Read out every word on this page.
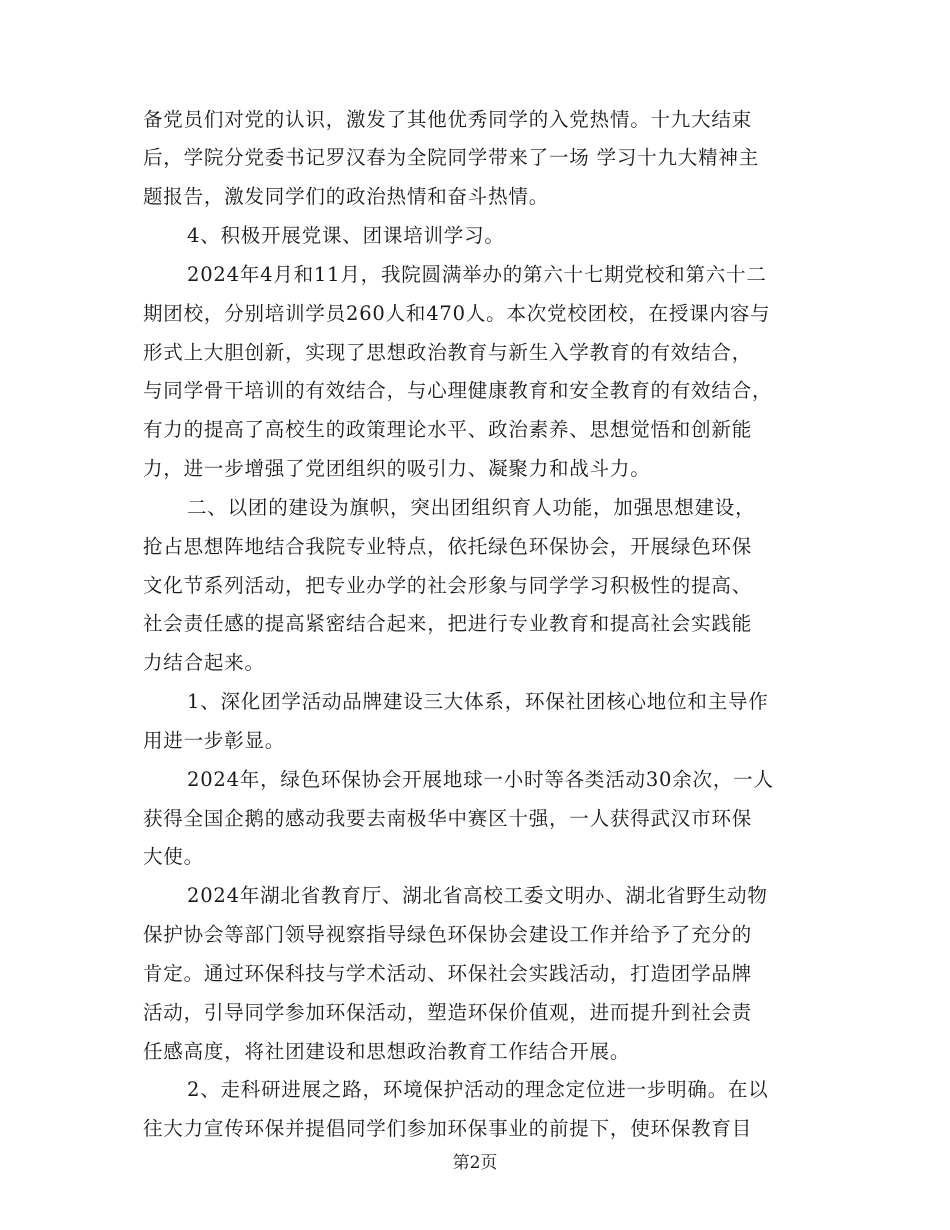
备党员们对党的认识，激发了其他优秀同学的入党热情。十九大结束
后，学院分党委书记罗汉春为全院同学带来了一场 学习十九大精神主
题报告，激发同学们的政治热情和奋斗热情。
4、积极开展党课、团课培训学习。
2024年4月和11月，我院圆满举办的第六十七期党校和第六十二
期团校，分别培训学员260人和470人。本次党校团校，在授课内容与
形式上大胆创新，实现了思想政治教育与新生入学教育的有效结合，
与同学骨干培训的有效结合，与心理健康教育和安全教育的有效结合，
有力的提高了高校生的政策理论水平、政治素养、思想觉悟和创新能
力，进一步增强了党团组织的吸引力、凝聚力和战斗力。
二、以团的建设为旗帜，突出团组织育人功能，加强思想建设，
抢占思想阵地结合我院专业特点，依托绿色环保协会，开展绿色环保
文化节系列活动，把专业办学的社会形象与同学学习积极性的提高、
社会责任感的提高紧密结合起来，把进行专业教育和提高社会实践能
力结合起来。
1、深化团学活动品牌建设三大体系，环保社团核心地位和主导作
用进一步彰显。
2024年，绿色环保协会开展地球一小时等各类活动30余次，一人
获得全国企鹅的感动我要去南极华中赛区十强，一人获得武汉市环保
大使。
2024年湖北省教育厅、湖北省高校工委文明办、湖北省野生动物
保护协会等部门领导视察指导绿色环保协会建设工作并给予了充分的
肯定。通过环保科技与学术活动、环保社会实践活动，打造团学品牌
活动，引导同学参加环保活动，塑造环保价值观，进而提升到社会责
任感高度，将社团建设和思想政治教育工作结合开展。
2、走科研进展之路，环境保护活动的理念定位进一步明确。在以
往大力宣传环保并提倡同学们参加环保事业的前提下，使环保教育目
第2页
